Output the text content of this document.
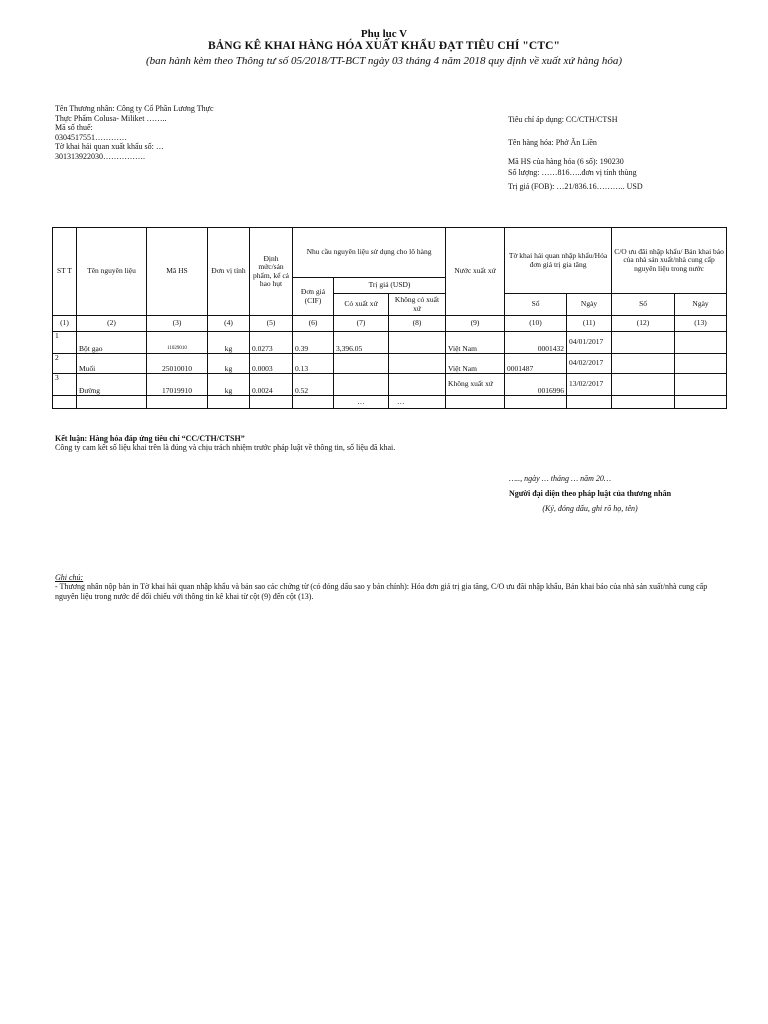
Phụ lục V
BẢNG KÊ KHAI HÀNG HÓA XUẤT KHẨU ĐẠT TIÊU CHÍ "CTC"
(ban hành kèm theo Thông tư số 05/2018/TT-BCT ngày 03 tháng 4 năm 2018 quy định về xuất xứ hàng hóa)
Tên Thương nhân: Công ty Cổ Phần Lương Thực
Thực Phẩm Colusa- Miliket ……..
Mã số thuế:
0304517551…………
Tờ khai hải quan xuất khẩu số: …
301313922030…………….
Tiêu chí áp dụng: CC/CTH/CTSH
Tên hàng hóa: Phở Ăn Liền
Mã HS của hàng hóa (6 số): 190230
Số lượng: ……816…..đơn vị tính thùng
Trị giá (FOB): …21/836.16……….. USD
ST T	Tên nguyên liệu	Mã HS	Đơn vị tính	Định mức/sản phẩm, kể cả hao hụt	Nhu cầu nguyên liệu sử dụng cho lô hàng			Nước xuất xứ	Tờ khai hải quan nhập khẩu/Hóa đơn giá trị gia tăng		C/O ưu đãi nhập khẩu/ Bản khai báo của nhà sản xuất/nhà cung cấp nguyên liệu trong nước	
					Đơn giá (CIF)	Trị giá (USD)						
						Có xuất xứ	Không có xuất xứ		Số	Ngày	Số	Ngày
(1)	(2)	(3)	(4)	(5)	(6)	(7)	(8)	(9)	(10)	(11)	(12)	(13)
1	Bột gạo	11029010	kg	0.0273	0.39	3,396.05		Việt Nam	0001432	04/01/2017		
2	Muối	25010010	kg	0.0003	0.13			Việt Nam	0001487	04/02/2017		
3	Đường	17019910	kg	0.0024	0.52			Không xuất xứ	0016996	13/02/2017		
						…	…					
Kết luận: Hàng hóa đáp ứng tiêu chí “CC/CTH/CTSH”
Công ty cam kết số liệu khai trên là đúng và chịu trách nhiệm trước pháp luật về thông tin, số liệu đã khai.
….., ngày … tháng … năm 20…
Người đại diện theo pháp luật của thương nhân
(Ký, đóng dấu, ghi rõ họ, tên)
Ghi chú:
- Thương nhân nộp bản in Tờ khai hải quan nhập khẩu và bản sao các chứng từ (có đóng dấu sao y bản chính): Hóa đơn giá trị gia tăng, C/O ưu đãi nhập khẩu, Bản khai báo của nhà sản xuất/nhà cung cấp nguyên liệu trong nước để đối chiếu với thông tin kê khai từ cột (9) đến cột (13).
